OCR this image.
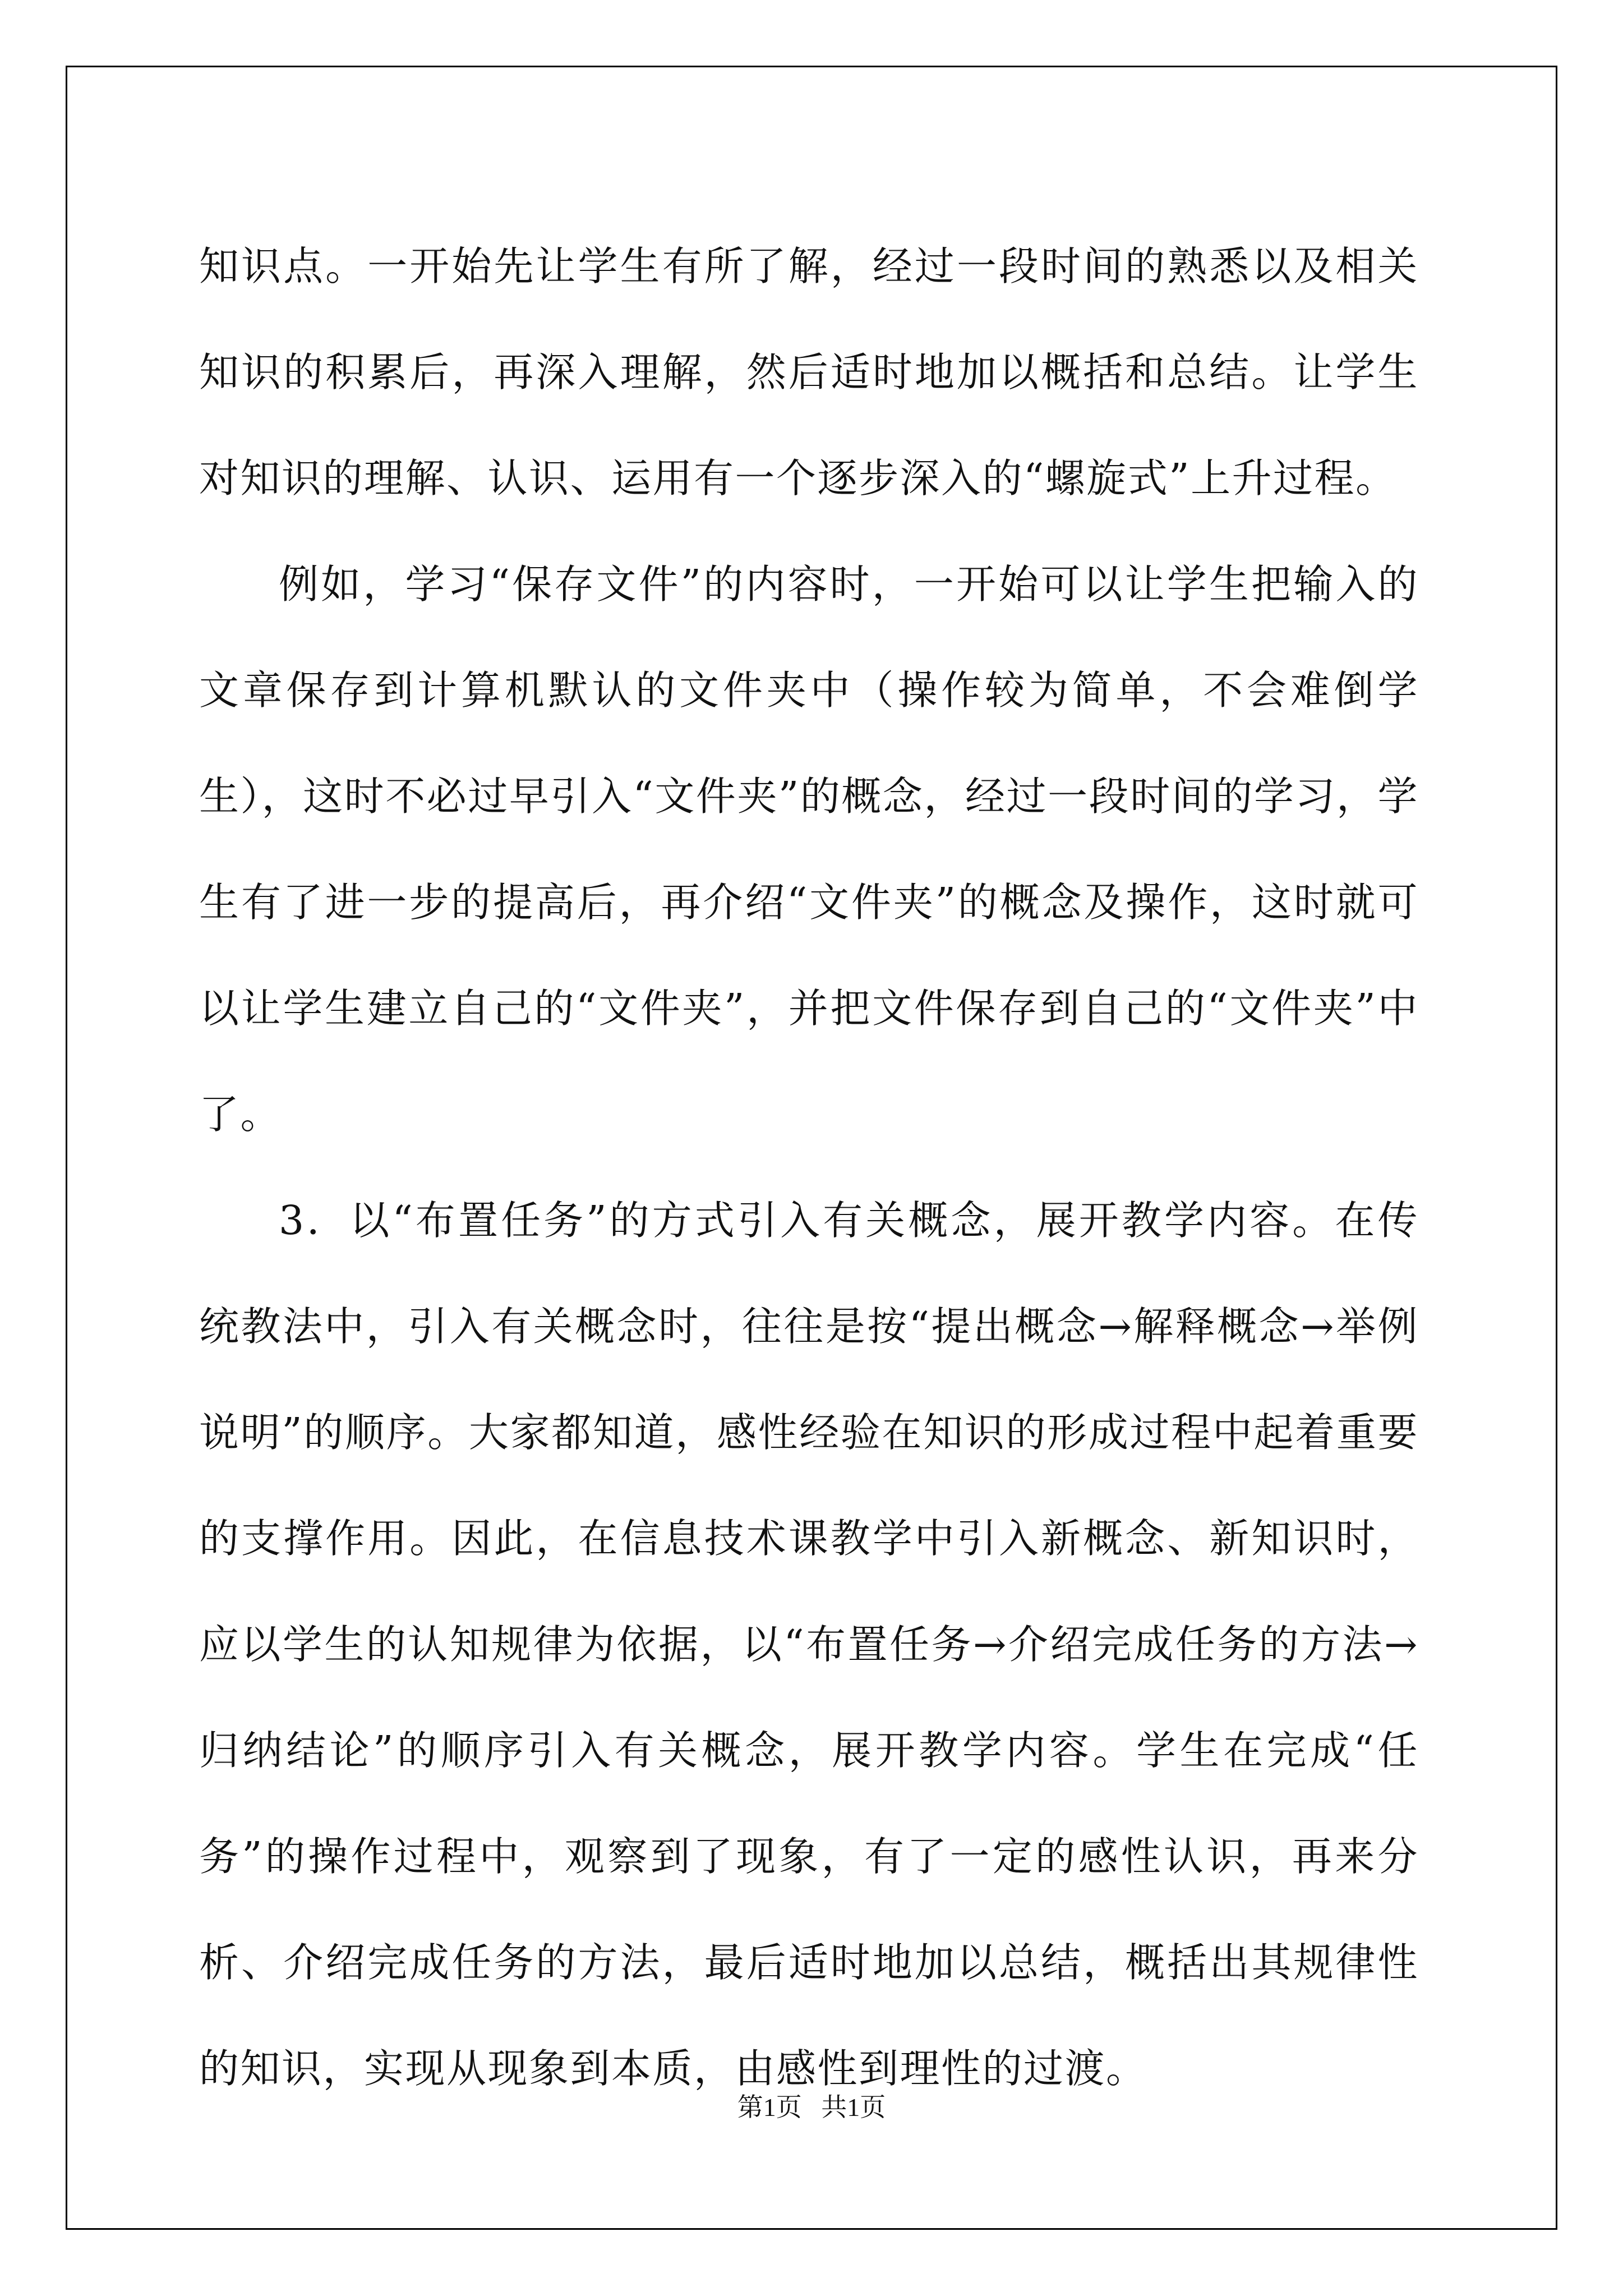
知识点。一开始先让学生有所了解，经过一段时间的熟悉以及相关知识的积累后，再深入理解，然后适时地加以概括和总结。让学生对知识的理解、认识、运用有一个逐步深入的“螺旋式”上升过程。

例如，学习“保存文件”的内容时，一开始可以让学生把输入的文章保存到计算机默认的文件夹中（操作较为简单，不会难倒学生），这时不必过早引入“文件夹”的概念，经过一段时间的学习，学生有了进一步的提高后，再介绍“文件夹”的概念及操作，这时就可以让学生建立自己的“文件夹”，并把文件保存到自己的“文件夹”中了。

3．以“布置任务”的方式引入有关概念，展开教学内容。在传统教法中，引入有关概念时，往往是按“提出概念→解释概念→举例说明”的顺序。大家都知道，感性经验在知识的形成过程中起着重要的支撑作用。因此，在信息技术课教学中引入新概念、新知识时，应以学生的认知规律为依据，以“布置任务→介绍完成任务的方法→归纳结论”的顺序引入有关概念，展开教学内容。学生在完成“任务”的操作过程中，观察到了现象，有了一定的感性认识，再来分析、介绍完成任务的方法，最后适时地加以总结，概括出其规律性的知识，实现从现象到本质，由感性到理性的过渡。

第1页   共1页
